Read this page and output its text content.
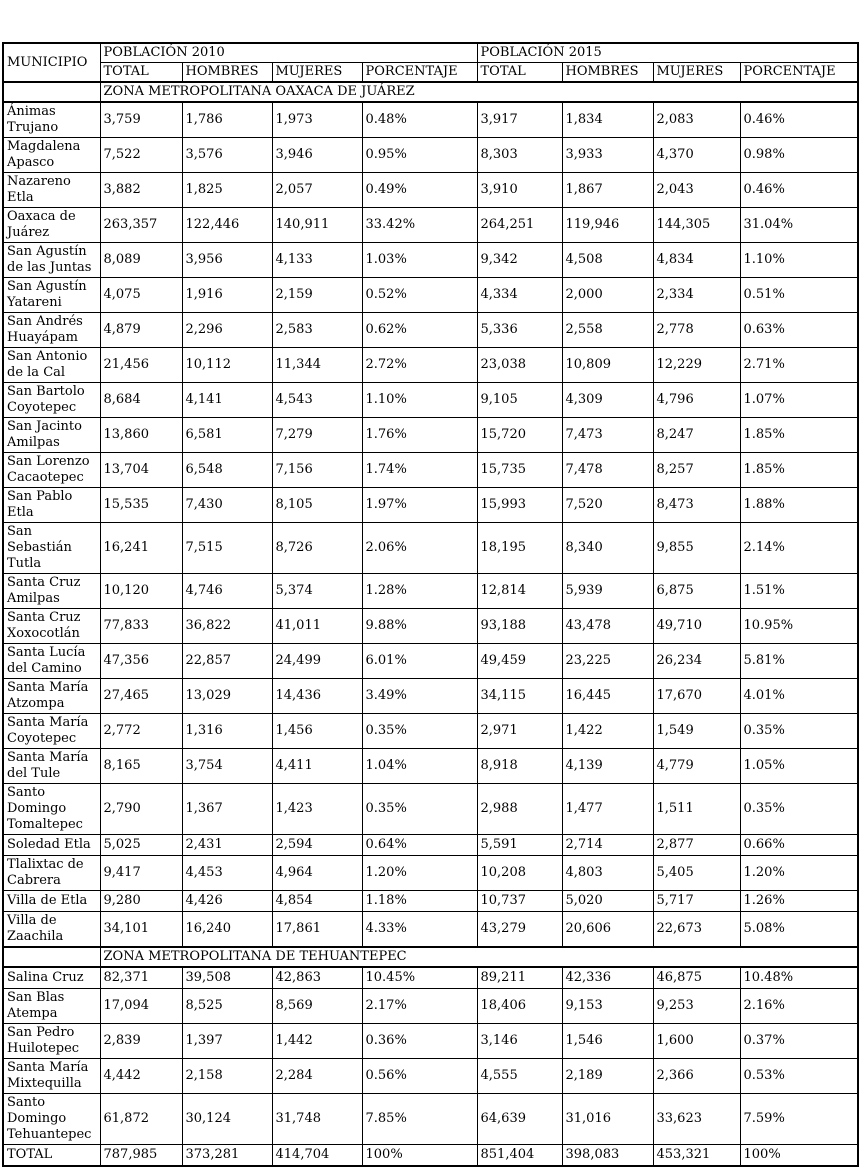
MUNICIPIO	POBLACIÓN 2010				POBLACIÓN 2015			
	TOTAL	HOMBRES	MUJERES	PORCENTAJE	TOTAL	HOMBRES	MUJERES	PORCENTAJE
	ZONA METROPOLITANA OAXACA DE JUÁREZ							
Ánimas Trujano	3,759	1,786	1,973	0.48%	3,917	1,834	2,083	0.46%
Magdalena Apasco	7,522	3,576	3,946	0.95%	8,303	3,933	4,370	0.98%
Nazareno Etla	3,882	1,825	2,057	0.49%	3,910	1,867	2,043	0.46%
Oaxaca de Juárez	263,357	122,446	140,911	33.42%	264,251	119,946	144,305	31.04%
San Agustín de las Juntas	8,089	3,956	4,133	1.03%	9,342	4,508	4,834	1.10%
San Agustín Yatareni	4,075	1,916	2,159	0.52%	4,334	2,000	2,334	0.51%
San Andrés Huayápam	4,879	2,296	2,583	0.62%	5,336	2,558	2,778	0.63%
San Antonio de la Cal	21,456	10,112	11,344	2.72%	23,038	10,809	12,229	2.71%
San Bartolo Coyotepec	8,684	4,141	4,543	1.10%	9,105	4,309	4,796	1.07%
San Jacinto Amilpas	13,860	6,581	7,279	1.76%	15,720	7,473	8,247	1.85%
San Lorenzo Cacaotepec	13,704	6,548	7,156	1.74%	15,735	7,478	8,257	1.85%
San Pablo Etla	15,535	7,430	8,105	1.97%	15,993	7,520	8,473	1.88%
San Sebastián Tutla	16,241	7,515	8,726	2.06%	18,195	8,340	9,855	2.14%
Santa Cruz Amilpas	10,120	4,746	5,374	1.28%	12,814	5,939	6,875	1.51%
Santa Cruz Xoxocotlán	77,833	36,822	41,011	9.88%	93,188	43,478	49,710	10.95%
Santa Lucía del Camino	47,356	22,857	24,499	6.01%	49,459	23,225	26,234	5.81%
Santa María Atzompa	27,465	13,029	14,436	3.49%	34,115	16,445	17,670	4.01%
Santa María Coyotepec	2,772	1,316	1,456	0.35%	2,971	1,422	1,549	0.35%
Santa María del Tule	8,165	3,754	4,411	1.04%	8,918	4,139	4,779	1.05%
Santo Domingo Tomaltepec	2,790	1,367	1,423	0.35%	2,988	1,477	1,511	0.35%
Soledad Etla	5,025	2,431	2,594	0.64%	5,591	2,714	2,877	0.66%
Tlalixtac de Cabrera	9,417	4,453	4,964	1.20%	10,208	4,803	5,405	1.20%
Villa de Etla	9,280	4,426	4,854	1.18%	10,737	5,020	5,717	1.26%
Villa de Zaachila	34,101	16,240	17,861	4.33%	43,279	20,606	22,673	5.08%
	ZONA METROPOLITANA DE TEHUANTEPEC							
Salina Cruz	82,371	39,508	42,863	10.45%	89,211	42,336	46,875	10.48%
San Blas Atempa	17,094	8,525	8,569	2.17%	18,406	9,153	9,253	2.16%
San Pedro Huilotepec	2,839	1,397	1,442	0.36%	3,146	1,546	1,600	0.37%
Santa María Mixtequilla	4,442	2,158	2,284	0.56%	4,555	2,189	2,366	0.53%
Santo Domingo Tehuantepec	61,872	30,124	31,748	7.85%	64,639	31,016	33,623	7.59%
TOTAL	787,985	373,281	414,704	100%	851,404	398,083	453,321	100%
